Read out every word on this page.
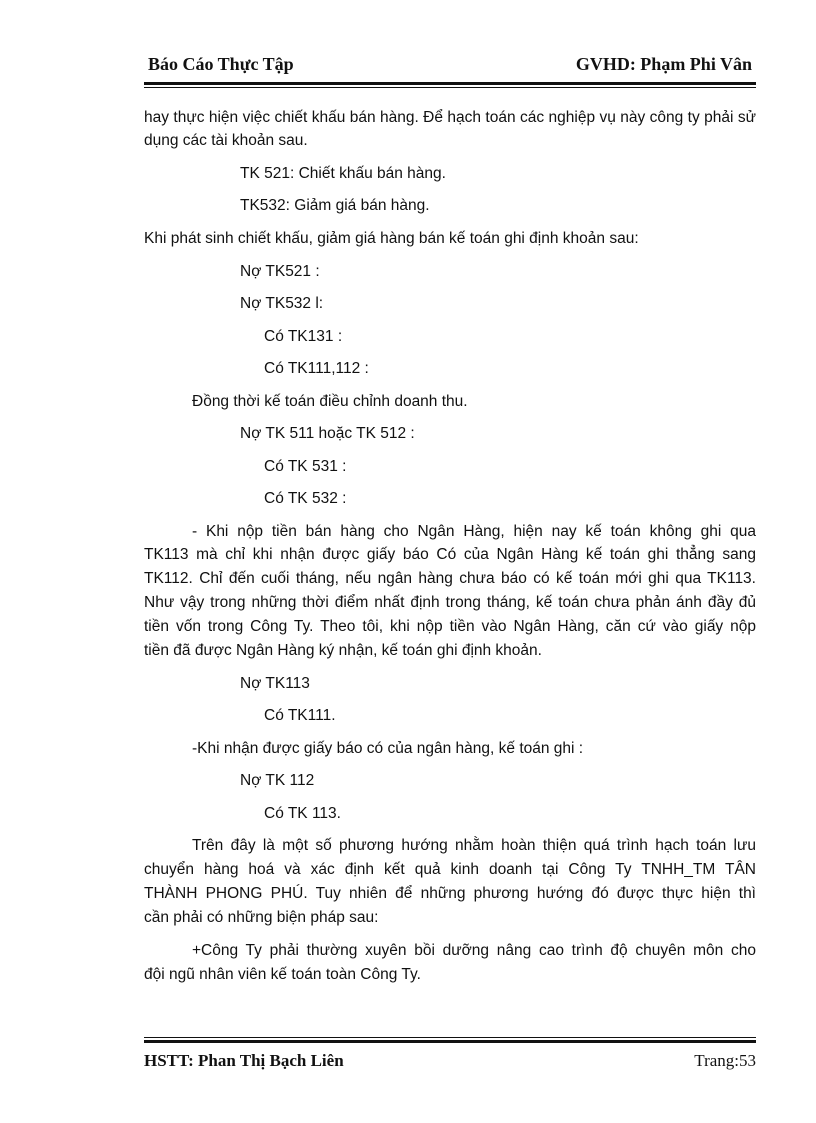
Báo Cáo Thực Tập	GVHD: Phạm Phi Vân
hay thực hiện việc chiết khấu bán hàng. Để hạch toán các nghiệp vụ này công ty phải sử
dụng các tài khoản sau.
TK 521: Chiết khấu bán hàng.
TK532: Giảm giá bán hàng.
Khi phát sinh chiết khấu, giảm giá hàng bán kế toán ghi định khoản sau:
Nợ TK521 :
Nợ TK532 l:
Có TK131 :
Có TK111,112 :
Đồng thời kế toán điều chỉnh doanh thu.
Nợ TK 511 hoặc TK 512 :
Có TK 531 :
Có TK 532 :
- Khi nộp tiền bán hàng cho Ngân Hàng, hiện nay kế toán không ghi qua
TK113 mà chỉ khi nhận được giấy báo Có của Ngân Hàng kế toán ghi thẳng sang
TK112. Chỉ đến cuối tháng, nếu ngân hàng chưa báo có kế toán mới ghi qua TK113.
Như vậy trong những thời điểm nhất định trong tháng, kế toán chưa phản ánh đầy đủ
tiền vốn trong Công Ty. Theo tôi, khi nộp tiền vào Ngân Hàng, căn cứ vào giấy nộp
tiền đã được Ngân Hàng ký nhận, kế toán ghi định khoản.
Nợ TK113
Có TK111.
-Khi nhận được giấy báo có của ngân hàng, kế toán ghi :
Nợ TK 112
Có TK 113.
Trên đây là một số phương hướng nhằm hoàn thiện quá trình hạch toán lưu
chuyển hàng hoá và xác định kết quả kinh doanh tại Công Ty TNHH_TM TÂN
THÀNH PHONG PHÚ. Tuy nhiên để những phương hướng đó được thực hiện thì
cần phải có những biện pháp sau:
+Công Ty phải thường xuyên bồi dưỡng nâng cao trình độ chuyên môn cho
đội ngũ nhân viên kế toán toàn Công Ty.
HSTT: Phan Thị Bạch Liên	Trang:53
